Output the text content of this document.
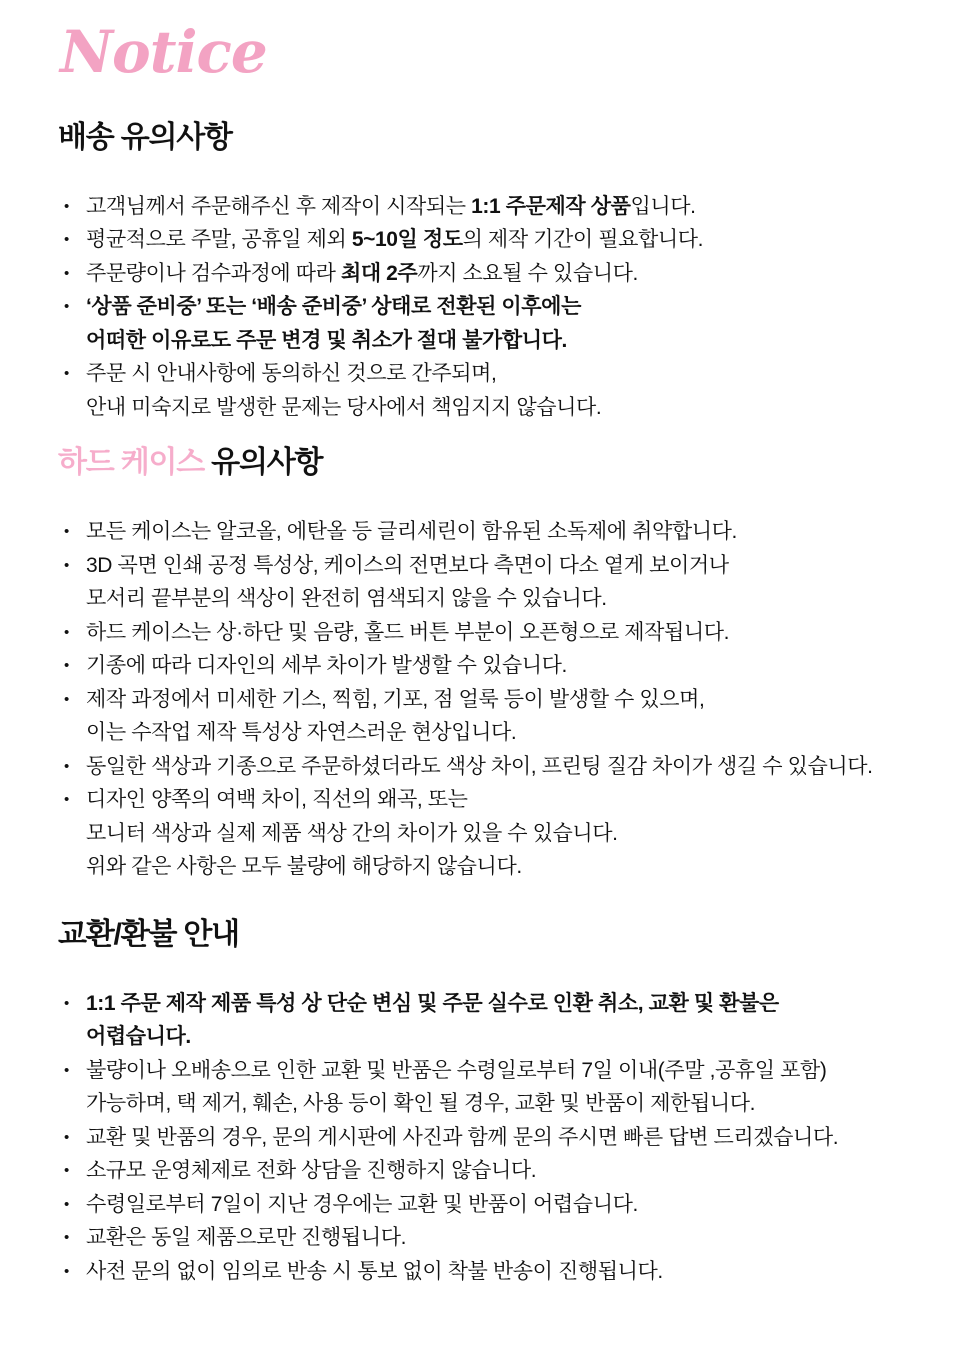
Notice
배송 유의사항
• 고객님께서 주문해주신 후 제작이 시작되는 1:1 주문제작 상품입니다.
• 평균적으로 주말, 공휴일 제외 5~10일 정도의 제작 기간이 필요합니다.
• 주문량이나 검수과정에 따라 최대 2주까지 소요될 수 있습니다.
• ‘상품 준비중’ 또는 ‘배송 준비중’ 상태로 전환된 이후에는
어떠한 이유로도 주문 변경 및 취소가 절대 불가합니다.
• 주문 시 안내사항에 동의하신 것으로 간주되며,
안내 미숙지로 발생한 문제는 당사에서 책임지지 않습니다.
하드 케이스 유의사항
• 모든 케이스는 알코올, 에탄올 등 글리세린이 함유된 소독제에 취약합니다.
• 3D 곡면 인쇄 공정 특성상, 케이스의 전면보다 측면이 다소 옅게 보이거나
모서리 끝부분의 색상이 완전히 염색되지 않을 수 있습니다.
• 하드 케이스는 상·하단 및 음량, 홀드 버튼 부분이 오픈형으로 제작됩니다.
• 기종에 따라 디자인의 세부 차이가 발생할 수 있습니다.
• 제작 과정에서 미세한 기스, 찍힘, 기포, 점 얼룩 등이 발생할 수 있으며,
이는 수작업 제작 특성상 자연스러운 현상입니다.
• 동일한 색상과 기종으로 주문하셨더라도 색상 차이, 프린팅 질감 차이가 생길 수 있습니다.
• 디자인 양쪽의 여백 차이, 직선의 왜곡, 또는
모니터 색상과 실제 제품 색상 간의 차이가 있을 수 있습니다.
위와 같은 사항은 모두 불량에 해당하지 않습니다.
교환/환불 안내
• 1:1 주문 제작 제품 특성 상 단순 변심 및 주문 실수로 인환 취소, 교환 및 환불은
어렵습니다.
• 불량이나 오배송으로 인한 교환 및 반품은 수령일로부터 7일 이내(주말 ,공휴일 포함)
가능하며, 택 제거, 훼손, 사용 등이 확인 될 경우, 교환 및 반품이 제한됩니다.
• 교환 및 반품의 경우, 문의 게시판에 사진과 함께 문의 주시면 빠른 답변 드리겠습니다.
• 소규모 운영체제로 전화 상담을 진행하지 않습니다.
• 수령일로부터 7일이 지난 경우에는 교환 및 반품이 어렵습니다.
• 교환은 동일 제품으로만 진행됩니다.
• 사전 문의 없이 임의로 반송 시 통보 없이 착불 반송이 진행됩니다.
